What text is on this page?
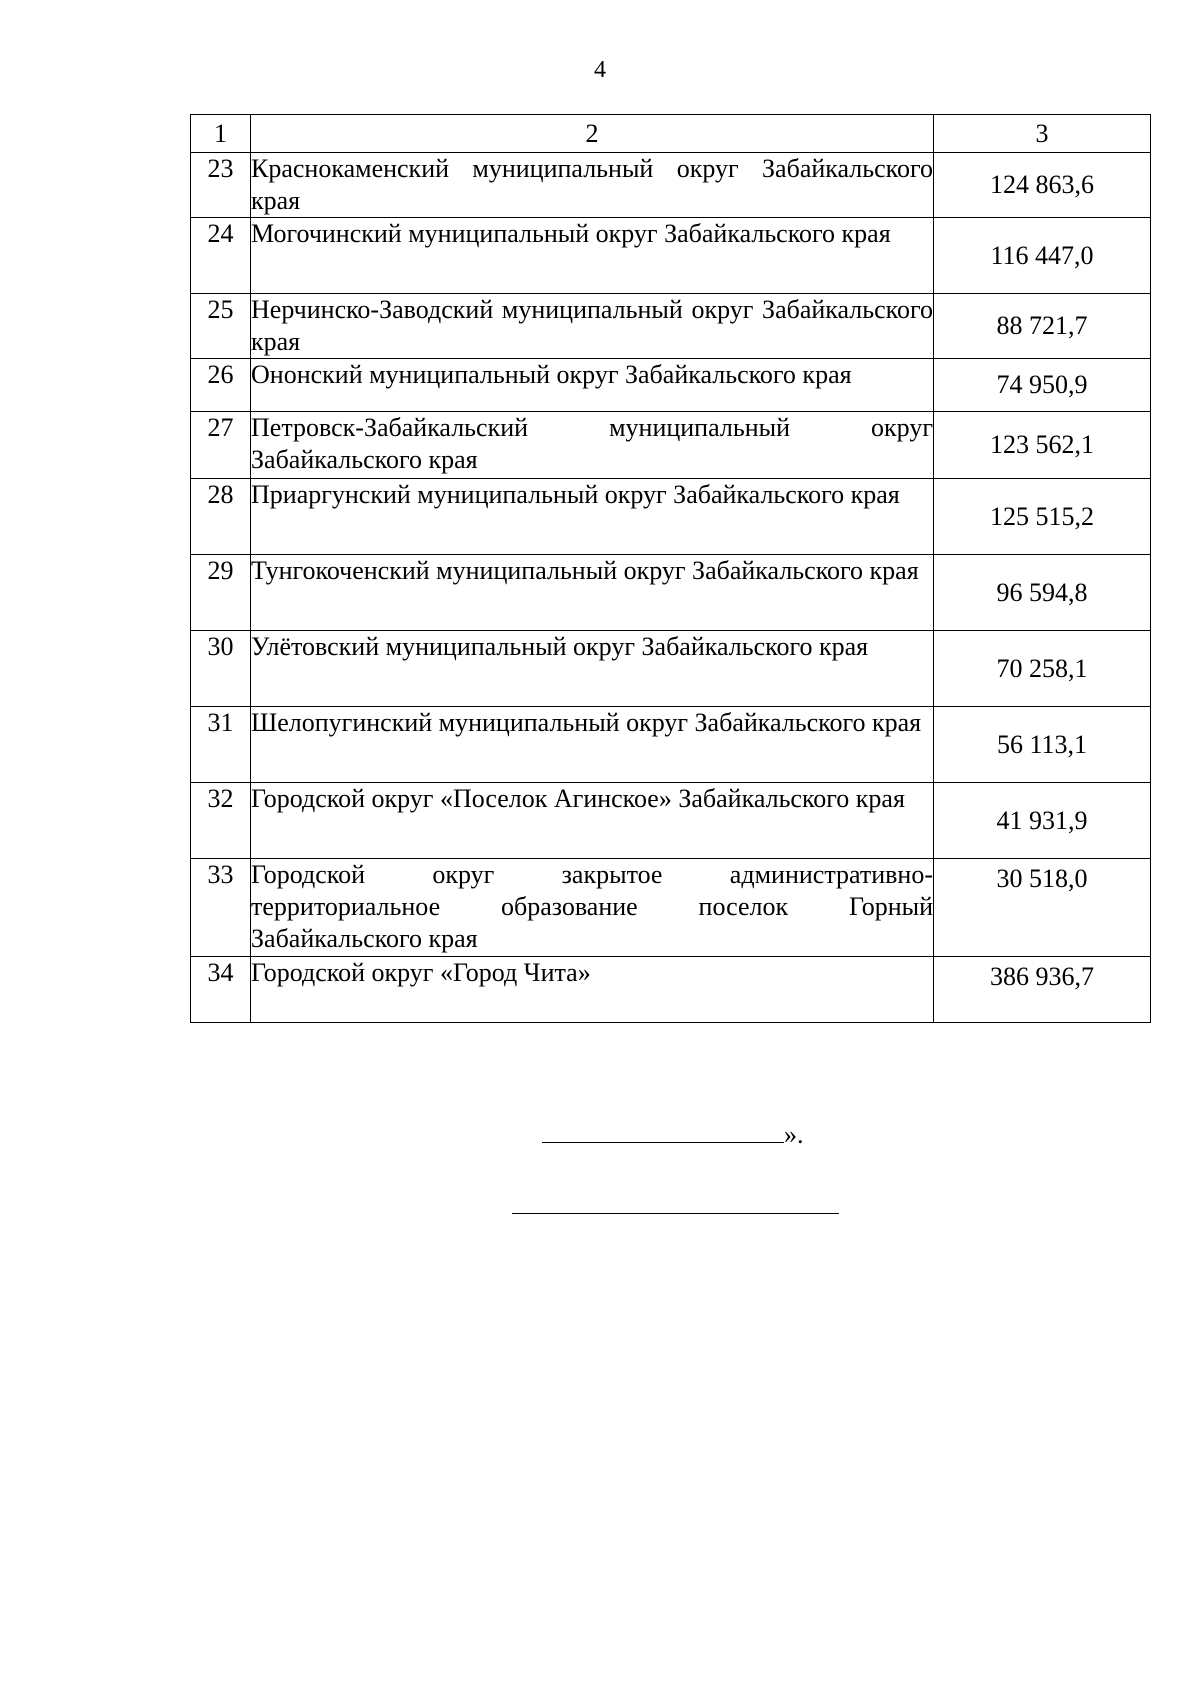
4
1	2	3
23	Краснокаменский муниципальный округ Забайкальского края	124 863,6
24	Могочинский муниципальный округ Забайкальского края	116 447,0
25	Нерчинско-Заводский муниципальный округ Забайкальского края	88 721,7
26	Ононский муниципальный округ Забайкальского края	74 950,9
27	Петровск-Забайкальский муниципальный округ Забайкальского края	123 562,1
28	Приаргунский муниципальный округ Забайкальского края	125 515,2
29	Тунгокоченский муниципальный округ Забайкальского края	96 594,8
30	Улётовский муниципальный округ Забайкальского края	70 258,1
31	Шелопугинский муниципальный округ Забайкальского края	56 113,1
32	Городской округ «Поселок Агинское» Забайкальского края	41 931,9
33	Городской округ закрытое административно-территориальное образование поселок Горный Забайкальского края	30 518,0
34	Городской округ «Город Чита»	386 936,7
».
